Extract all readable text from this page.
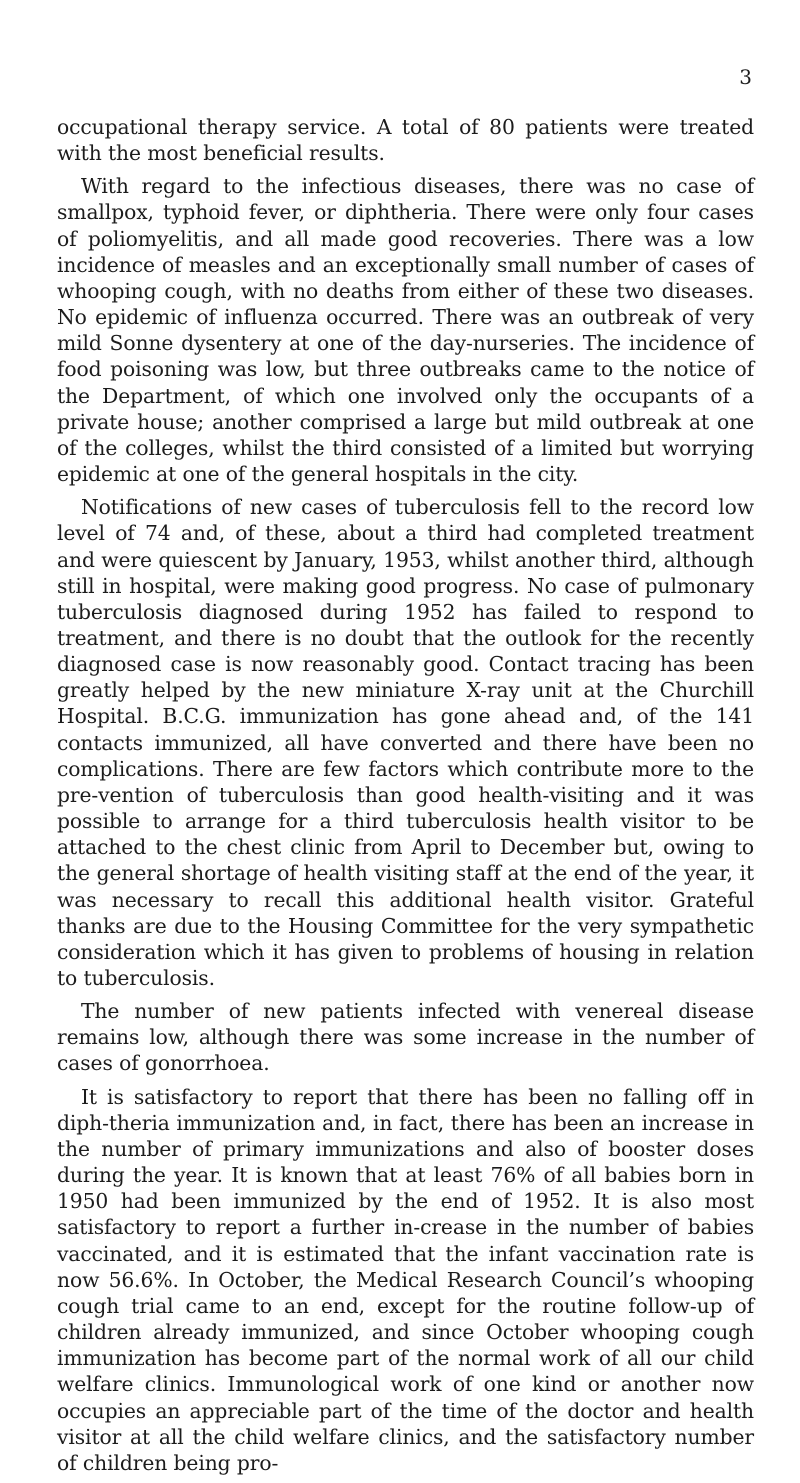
3

occupational therapy service. A total of 80 patients were treated with the most beneficial results.

With regard to the infectious diseases, there was no case of smallpox, typhoid fever, or diphtheria. There were only four cases of poliomyelitis, and all made good recoveries. There was a low incidence of measles and an exceptionally small number of cases of whooping cough, with no deaths from either of these two diseases. No epidemic of influenza occurred. There was an outbreak of very mild Sonne dysentery at one of the day-nurseries. The incidence of food poisoning was low, but three outbreaks came to the notice of the Department, of which one involved only the occupants of a private house; another comprised a large but mild outbreak at one of the colleges, whilst the third consisted of a limited but worrying epidemic at one of the general hospitals in the city.

Notifications of new cases of tuberculosis fell to the record low level of 74 and, of these, about a third had completed treatment and were quiescent by January, 1953, whilst another third, although still in hospital, were making good progress. No case of pulmonary tuberculosis diagnosed during 1952 has failed to respond to treatment, and there is no doubt that the outlook for the recently diagnosed case is now reasonably good. Contact tracing has been greatly helped by the new miniature X-ray unit at the Churchill Hospital. B.C.G. immunization has gone ahead and, of the 141 contacts immunized, all have converted and there have been no complications. There are few factors which contribute more to the pre-vention of tuberculosis than good health-visiting and it was possible to arrange for a third tuberculosis health visitor to be attached to the chest clinic from April to December but, owing to the general shortage of health visiting staff at the end of the year, it was necessary to recall this additional health visitor. Grateful thanks are due to the Housing Committee for the very sympathetic consideration which it has given to problems of housing in relation to tuberculosis.

The number of new patients infected with venereal disease remains low, although there was some increase in the number of cases of gonorrhoea.

It is satisfactory to report that there has been no falling off in diph-theria immunization and, in fact, there has been an increase in the number of primary immunizations and also of booster doses during the year. It is known that at least 76% of all babies born in 1950 had been immunized by the end of 1952. It is also most satisfactory to report a further in-crease in the number of babies vaccinated, and it is estimated that the infant vaccination rate is now 56.6%. In October, the Medical Research Council’s whooping cough trial came to an end, except for the routine follow-up of children already immunized, and since October whooping cough immunization has become part of the normal work of all our child welfare clinics. Immunological work of one kind or another now occupies an appreciable part of the time of the doctor and health visitor at all the child welfare clinics, and the satisfactory number of children being pro-
